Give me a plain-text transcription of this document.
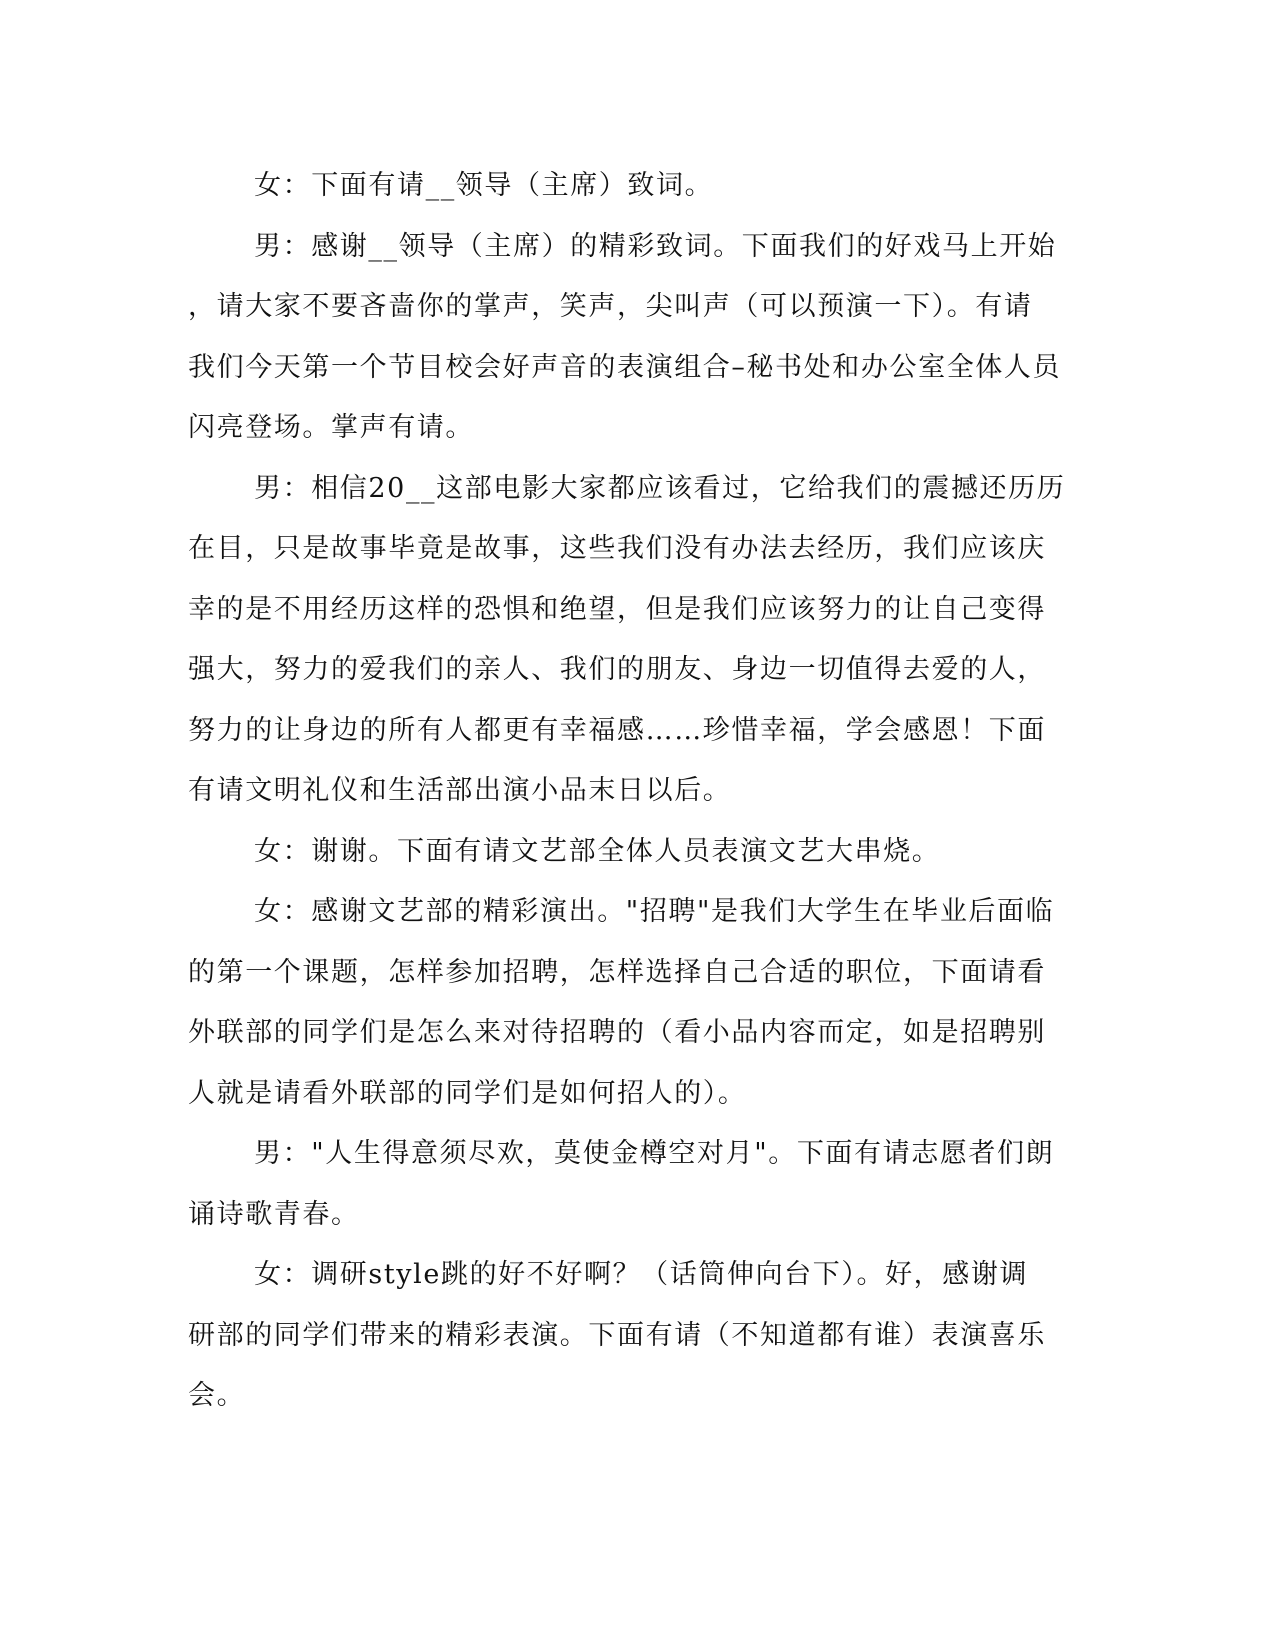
女：下面有请__领导（主席）致词。
男：感谢__领导（主席）的精彩致词。下面我们的好戏马上开始
，请大家不要吝啬你的掌声，笑声，尖叫声（可以预演一下）。有请
我们今天第一个节目校会好声音的表演组合–秘书处和办公室全体人员
闪亮登场。掌声有请。
男：相信20__这部电影大家都应该看过，它给我们的震撼还历历
在目，只是故事毕竟是故事，这些我们没有办法去经历，我们应该庆
幸的是不用经历这样的恐惧和绝望，但是我们应该努力的让自己变得
强大，努力的爱我们的亲人、我们的朋友、身边一切值得去爱的人，
努力的让身边的所有人都更有幸福感……珍惜幸福，学会感恩！下面
有请文明礼仪和生活部出演小品末日以后。
女：谢谢。下面有请文艺部全体人员表演文艺大串烧。
女：感谢文艺部的精彩演出。"招聘"是我们大学生在毕业后面临
的第一个课题，怎样参加招聘，怎样选择自己合适的职位，下面请看
外联部的同学们是怎么来对待招聘的（看小品内容而定，如是招聘别
人就是请看外联部的同学们是如何招人的）。
男："人生得意须尽欢，莫使金樽空对月"。下面有请志愿者们朗
诵诗歌青春。
女：调研style跳的好不好啊？（话筒伸向台下）。好，感谢调
研部的同学们带来的精彩表演。下面有请（不知道都有谁）表演喜乐
会。
